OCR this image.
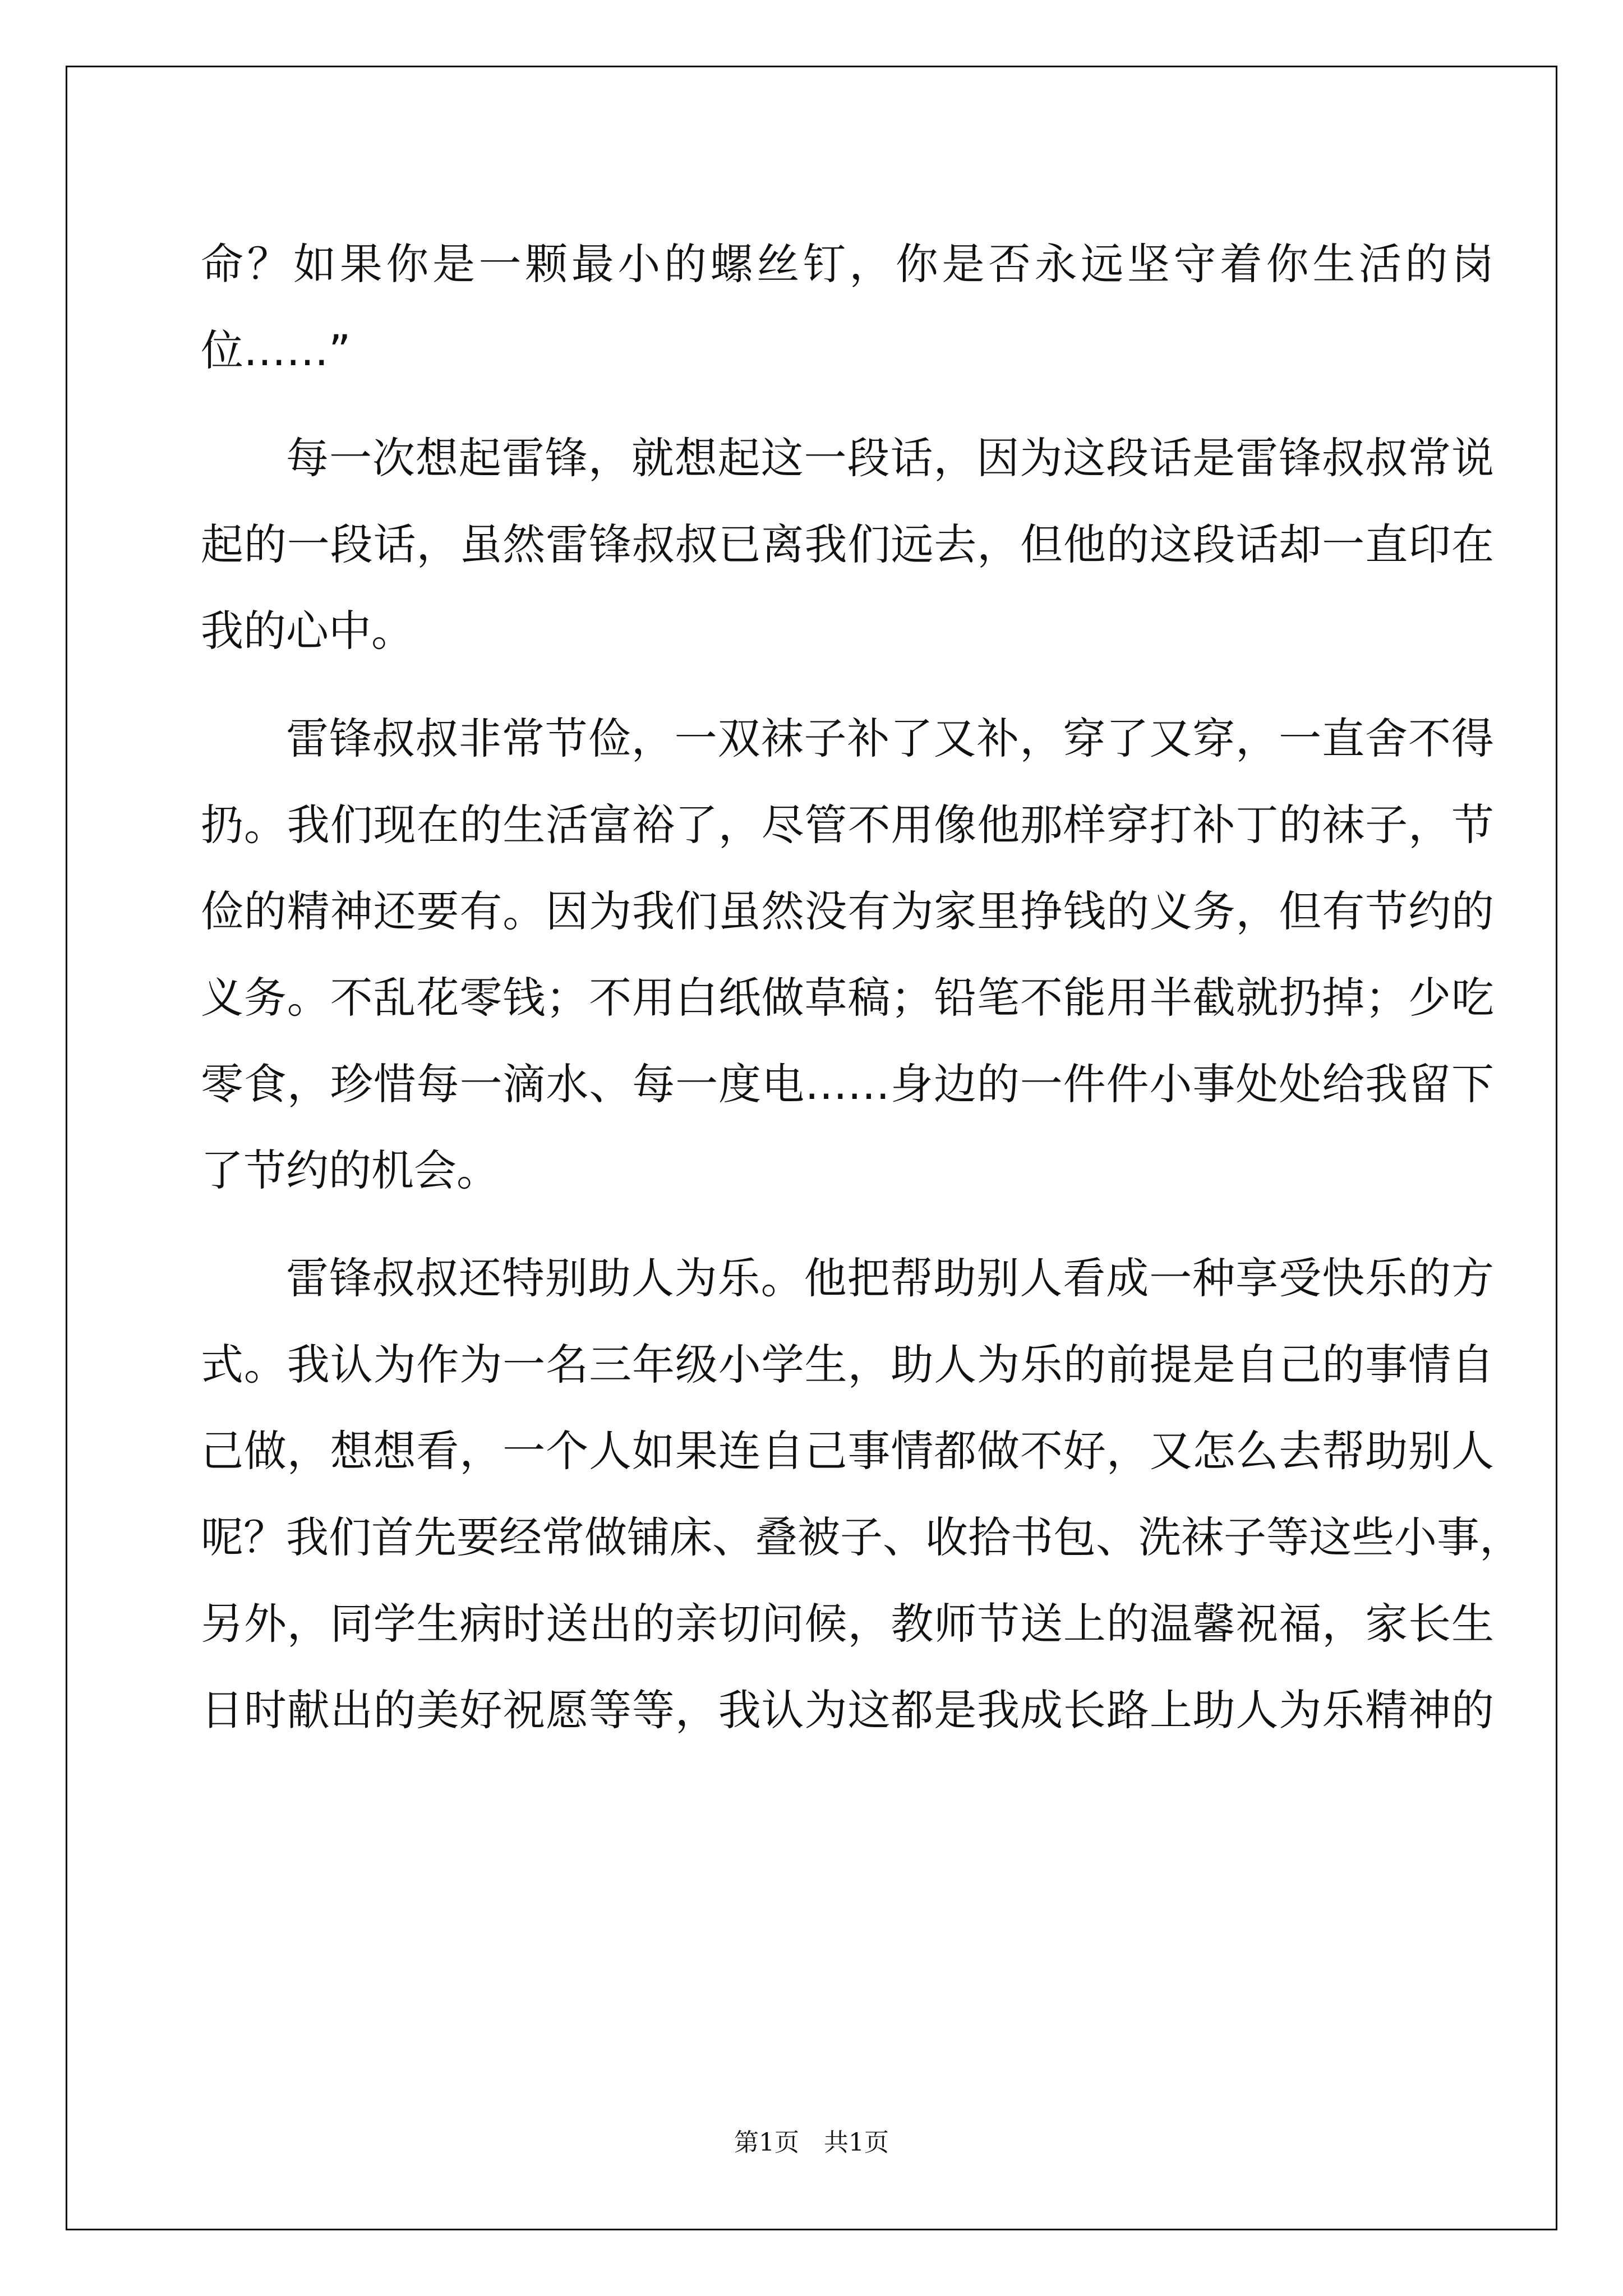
命？如果你是一颗最小的螺丝钉，你是否永远坚守着你生活的岗
位……”
每一次想起雷锋，就想起这一段话，因为这段话是雷锋叔叔常说
起的一段话，虽然雷锋叔叔已离我们远去，但他的这段话却一直印在
我的心中。
雷锋叔叔非常节俭，一双袜子补了又补，穿了又穿，一直舍不得
扔。我们现在的生活富裕了，尽管不用像他那样穿打补丁的袜子，节
俭的精神还要有。因为我们虽然没有为家里挣钱的义务，但有节约的
义务。不乱花零钱；不用白纸做草稿；铅笔不能用半截就扔掉；少吃
零食，珍惜每一滴水、每一度电……身边的一件件小事处处给我留下
了节约的机会。
雷锋叔叔还特别助人为乐。他把帮助别人看成一种享受快乐的方
式。我认为作为一名三年级小学生，助人为乐的前提是自己的事情自
己做，想想看，一个人如果连自己事情都做不好，又怎么去帮助别人
呢？我们首先要经常做铺床、叠被子、收拾书包、洗袜子等这些小事，
另外，同学生病时送出的亲切问候，教师节送上的温馨祝福，家长生
日时献出的美好祝愿等等，我认为这都是我成长路上助人为乐精神的
第1页　共1页
